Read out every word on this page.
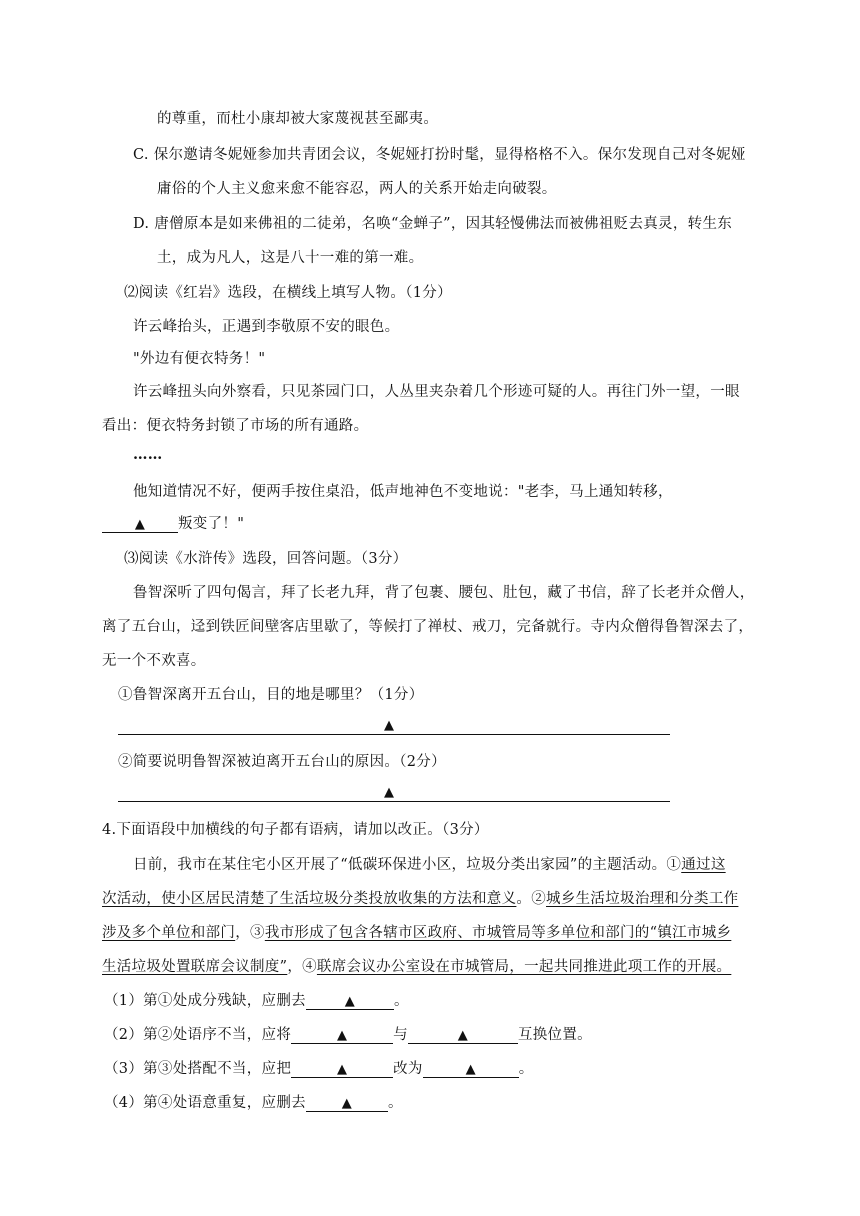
的尊重，而杜小康却被大家蔑视甚至鄙夷。
C. 保尔邀请冬妮娅参加共青团会议，冬妮娅打扮时髦，显得格格不入。保尔发现自己对冬妮娅
庸俗的个人主义愈来愈不能容忍，两人的关系开始走向破裂。
D. 唐僧原本是如来佛祖的二徒弟，名唤“金蝉子”，因其轻慢佛法而被佛祖贬去真灵，转生东
土，成为凡人，这是八十一难的第一难。
⑵阅读《红岩》选段，在横线上填写人物。（1分）
许云峰抬头，正遇到李敬原不安的眼色。
"外边有便衣特务！"
许云峰扭头向外察看，只见茶园门口，人丛里夹杂着几个形迹可疑的人。再往门外一望，一眼
看出：便衣特务封锁了市场的所有通路。
……
他知道情况不好，便两手按住桌沿，低声地神色不变地说："老李，马上通知转移，
▲ 叛变了！"
⑶阅读《水浒传》选段，回答问题。（3分）
鲁智深听了四句偈言，拜了长老九拜，背了包裹、腰包、肚包，藏了书信，辞了长老并众僧人，
离了五台山，迳到铁匠间壁客店里歇了，等候打了禅杖、戒刀，完备就行。寺内众僧得鲁智深去了，
无一个不欢喜。
①鲁智深离开五台山，目的地是哪里？（1分）
▲
②简要说明鲁智深被迫离开五台山的原因。（2分）
▲
4.下面语段中加横线的句子都有语病，请加以改正。（3分）
日前，我市在某住宅小区开展了“低碳环保进小区，垃圾分类出家园”的主题活动。①通过这
次活动，使小区居民清楚了生活垃圾分类投放收集的方法和意义。②城乡生活垃圾治理和分类工作
涉及多个单位和部门，③我市形成了包含各辖市区政府、市城管局等多单位和部门的“镇江市城乡
生活垃圾处置联席会议制度”，④联席会议办公室设在市城管局，一起共同推进此项工作的开展。
（1）第①处成分残缺，应删去	▲	。
（2）第②处语序不当，应将	▲	与	▲	互换位置。
（3）第③处搭配不当，应把	▲	改为	▲	。
（4）第④处语意重复，应删去	▲ 。
